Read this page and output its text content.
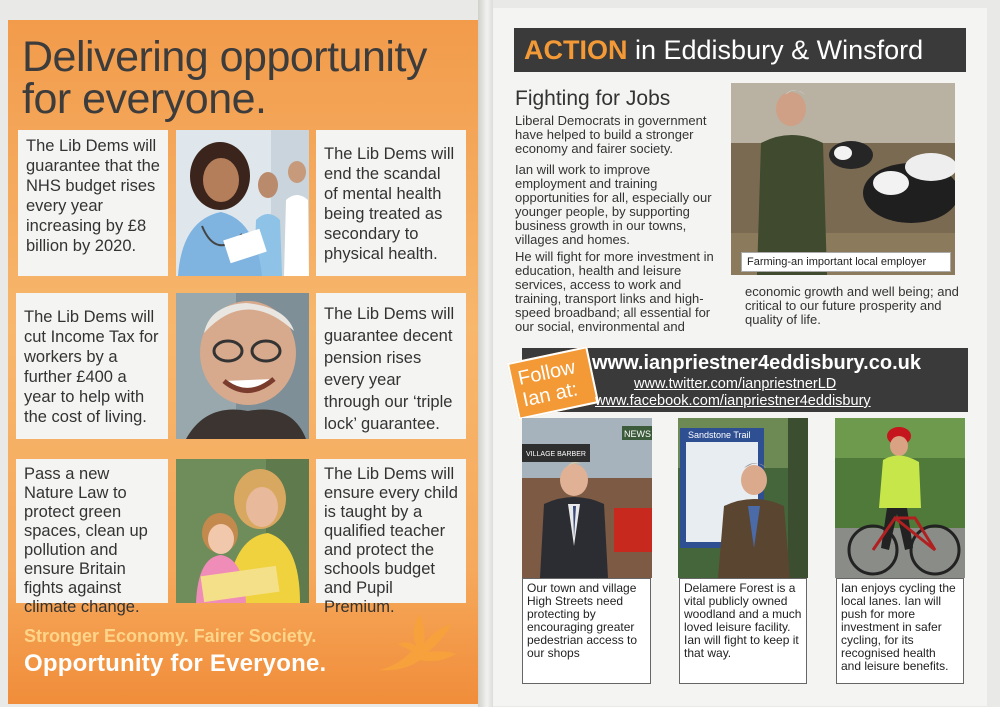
Delivering opportunity
for everyone.
The Lib Dems will guarantee that the NHS budget rises every year increasing by £8 billion by 2020.
The Lib Dems will end the scandal of mental health being treated as secondary to physical health.
The Lib Dems will cut Income Tax for workers by a further £400 a year to help with the cost of living.
The Lib Dems will guarantee decent pension rises every year through our ‘triple lock’ guarantee.
Pass a new Nature Law to protect green spaces, clean up pollution and ensure Britain fights against climate change.
The Lib Dems will ensure every child is taught by a qualified teacher and protect the schools budget and Pupil Premium.
Stronger Economy. Fairer Society.
Opportunity for Everyone.
ACTION in Eddisbury & Winsford
Fighting for Jobs
Liberal Democrats in government have helped to build a stronger economy and fairer society.
Ian will work to improve employment and training opportunities for all, especially our younger people, by supporting business growth in our towns, villages and homes.
He will fight for more investment in education, health and leisure services, access to work and training, transport links and high-speed broadband; all essential for our social, environmental and
economic growth and well being; and critical to our future prosperity and quality of life.
Farming-an important local employer
Follow Ian at:
www.ianpriestner4eddisbury.co.uk
www.twitter.com/ianpriestnerLD
www.facebook.com/ianpriestner4eddisbury
VILLAGE BARBER
NEWS
Our town and village High Streets need protecting by encouraging greater pedestrian access to our shops
Sandstone Trail
Delamere Forest is a vital publicly owned woodland and a much loved leisure facility. Ian will fight to keep it that way.
Ian enjoys cycling the local lanes. Ian will push for more investment in safer cycling, for its recognised health and leisure benefits.
